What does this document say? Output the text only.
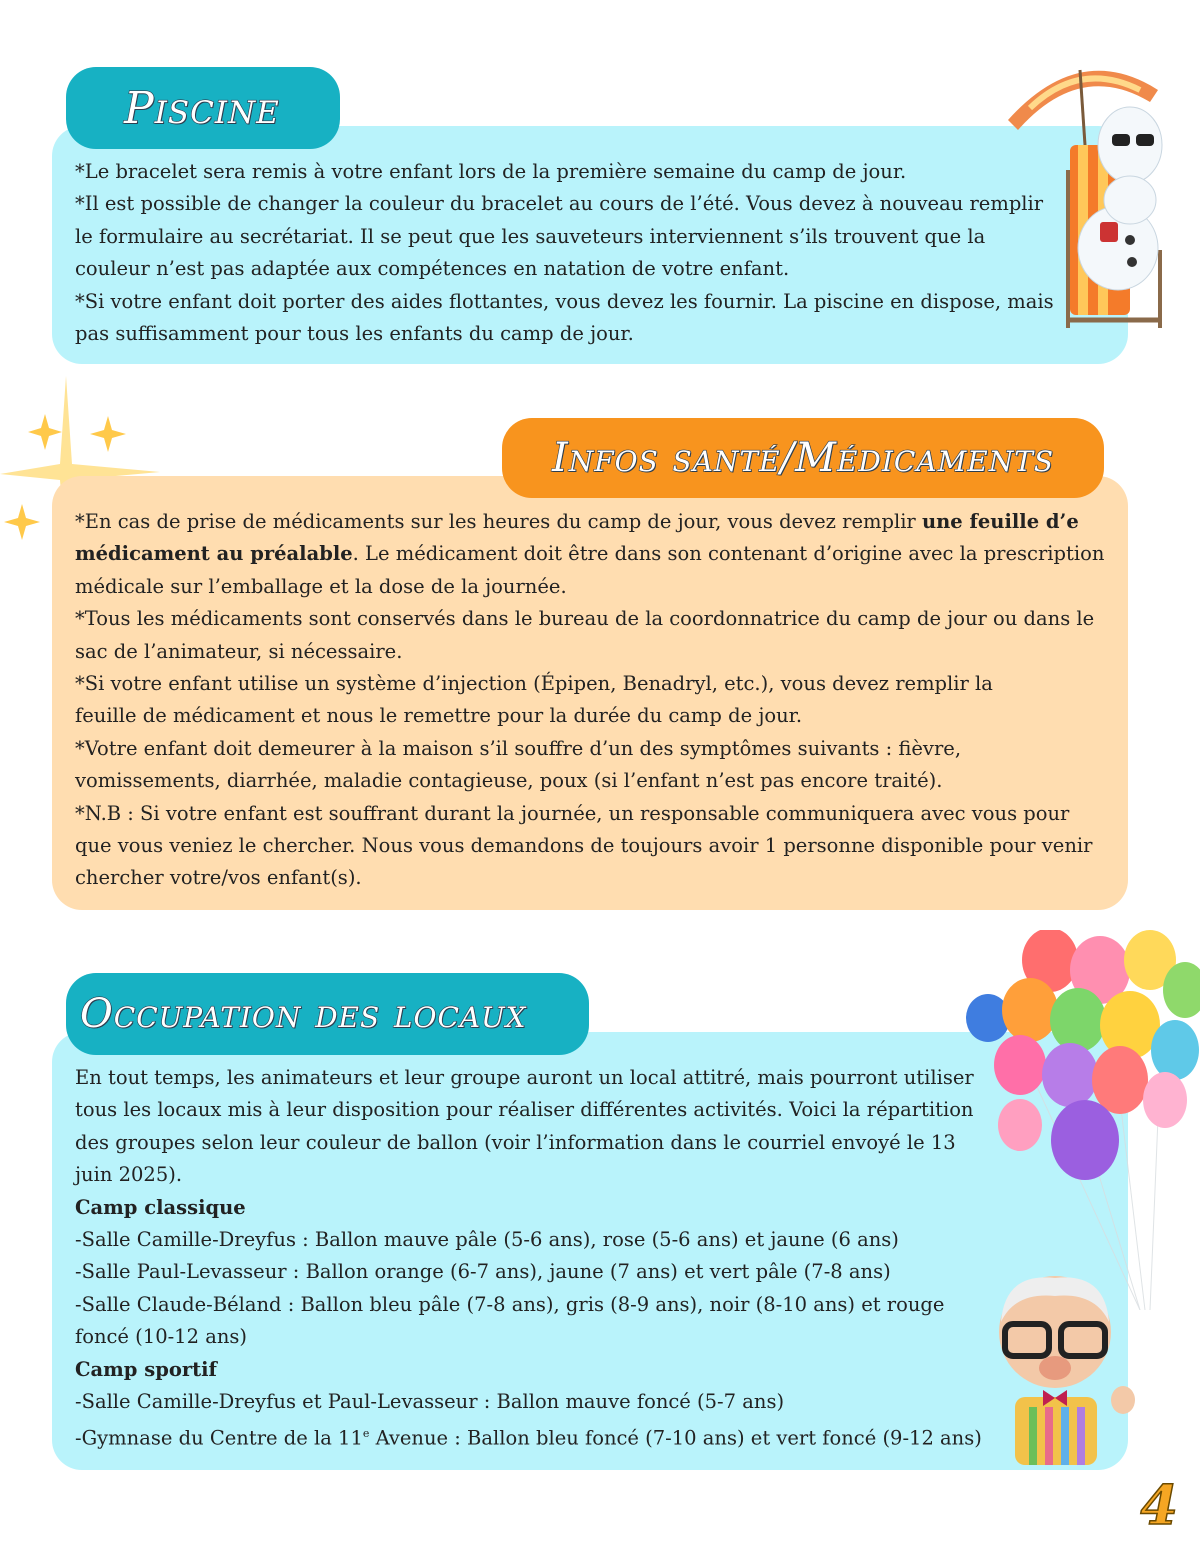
Piscine

*Le bracelet sera remis à votre enfant lors de la première semaine du camp de jour.

*Il est possible de changer la couleur du bracelet au cours de l’été. Vous devez à nouveau remplir le formulaire au secrétariat. Il se peut que les sauveteurs interviennent s’ils trouvent que la couleur n’est pas adaptée aux compétences en natation de votre enfant.

*Si votre enfant doit porter des aides flottantes, vous devez les fournir. La piscine en dispose, mais pas suffisamment pour tous les enfants du camp de jour.

Infos santé/Médicaments

*En cas de prise de médicaments sur les heures du camp de jour, vous devez remplir une feuille d’e médicament au préalable. Le médicament doit être dans son contenant d’origine avec la prescription médicale sur l’emballage et la dose de la journée.

*Tous les médicaments sont conservés dans le bureau de la coordonnatrice du camp de jour ou dans le sac de l’animateur, si nécessaire.

*Si votre enfant utilise un système d’injection (Épipen, Benadryl, etc.), vous devez remplir la feuille de médicament et nous le remettre pour la durée du camp de jour.

*Votre enfant doit demeurer à la maison s’il souffre d’un des symptômes suivants : fièvre, vomissements, diarrhée, maladie contagieuse, poux (si l’enfant n’est pas encore traité).

*N.B : Si votre enfant est souffrant durant la journée, un responsable communiquera avec vous pour que vous veniez le chercher. Nous vous demandons de toujours avoir 1 personne disponible pour venir chercher votre/vos enfant(s).

Occupation des locaux

En tout temps, les animateurs et leur groupe auront un local attitré, mais pourront utiliser tous les locaux mis à leur disposition pour réaliser différentes activités. Voici la répartition des groupes selon leur couleur de ballon (voir l’information dans le courriel envoyé le 13 juin 2025).

Camp classique

-Salle Camille-Dreyfus : Ballon mauve pâle (5-6 ans), rose (5-6 ans) et jaune (6 ans)

-Salle Paul-Levasseur : Ballon orange (6-7 ans), jaune (7 ans) et vert pâle (7-8 ans)

-Salle Claude-Béland : Ballon bleu pâle (7-8 ans), gris (8-9 ans), noir (8-10 ans) et rouge foncé (10-12 ans)

Camp sportif

-Salle Camille-Dreyfus et Paul-Levasseur : Ballon mauve foncé (5-7 ans)

-Gymnase du Centre de la 11e Avenue : Ballon bleu foncé (7-10 ans) et vert foncé (9-12 ans)

4
